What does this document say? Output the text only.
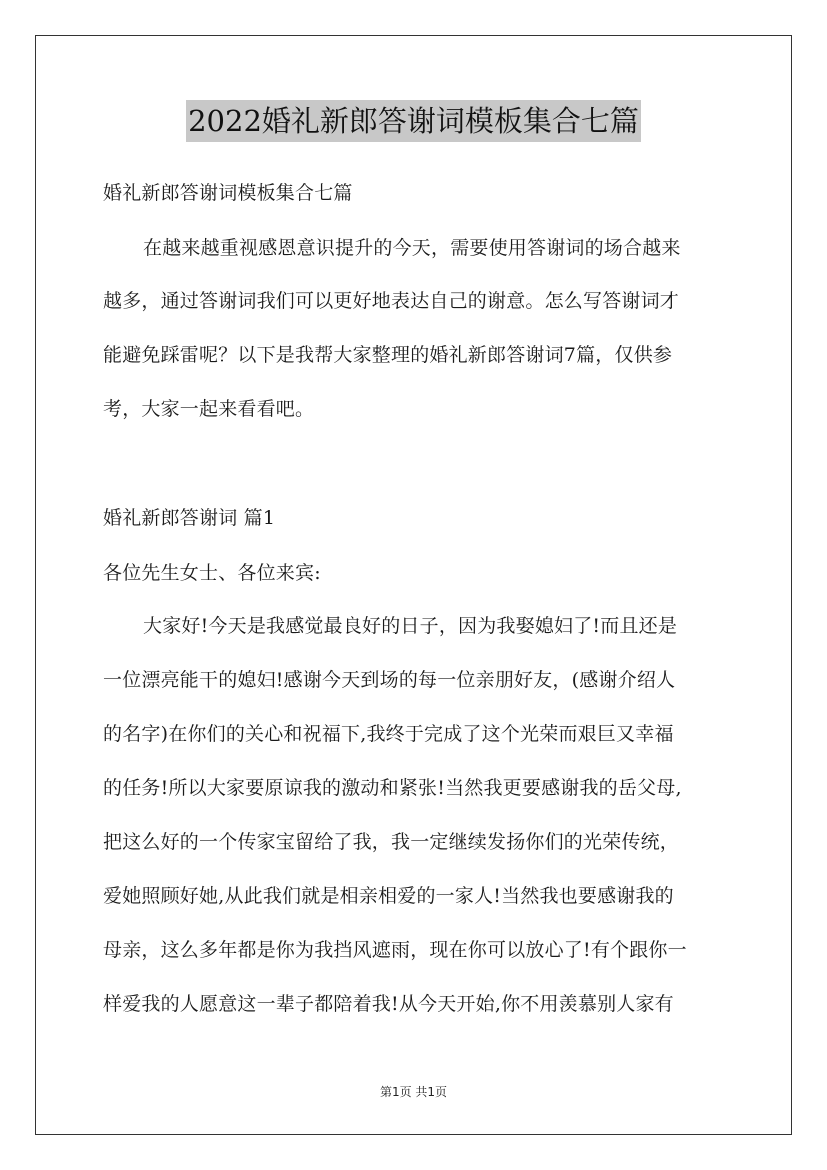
2022婚礼新郎答谢词模板集合七篇
婚礼新郎答谢词模板集合七篇
在越来越重视感恩意识提升的今天，需要使用答谢词的场合越来
越多，通过答谢词我们可以更好地表达自己的谢意。怎么写答谢词才
能避免踩雷呢？以下是我帮大家整理的婚礼新郎答谢词7篇，仅供参
考，大家一起来看看吧。
婚礼新郎答谢词 篇1
各位先生女士、各位来宾:
大家好!今天是我感觉最良好的日子，因为我娶媳妇了!而且还是
一位漂亮能干的媳妇!感谢今天到场的每一位亲朋好友，(感谢介绍人
的名字)在你们的关心和祝福下,我终于完成了这个光荣而艰巨又幸福
的任务!所以大家要原谅我的激动和紧张!当然我更要感谢我的岳父母,
把这么好的一个传家宝留给了我，我一定继续发扬你们的光荣传统，
爱她照顾好她,从此我们就是相亲相爱的一家人!当然我也要感谢我的
母亲，这么多年都是你为我挡风遮雨，现在你可以放心了!有个跟你一
样爱我的人愿意这一辈子都陪着我!从今天开始,你不用羡慕别人家有
第1页 共1页
